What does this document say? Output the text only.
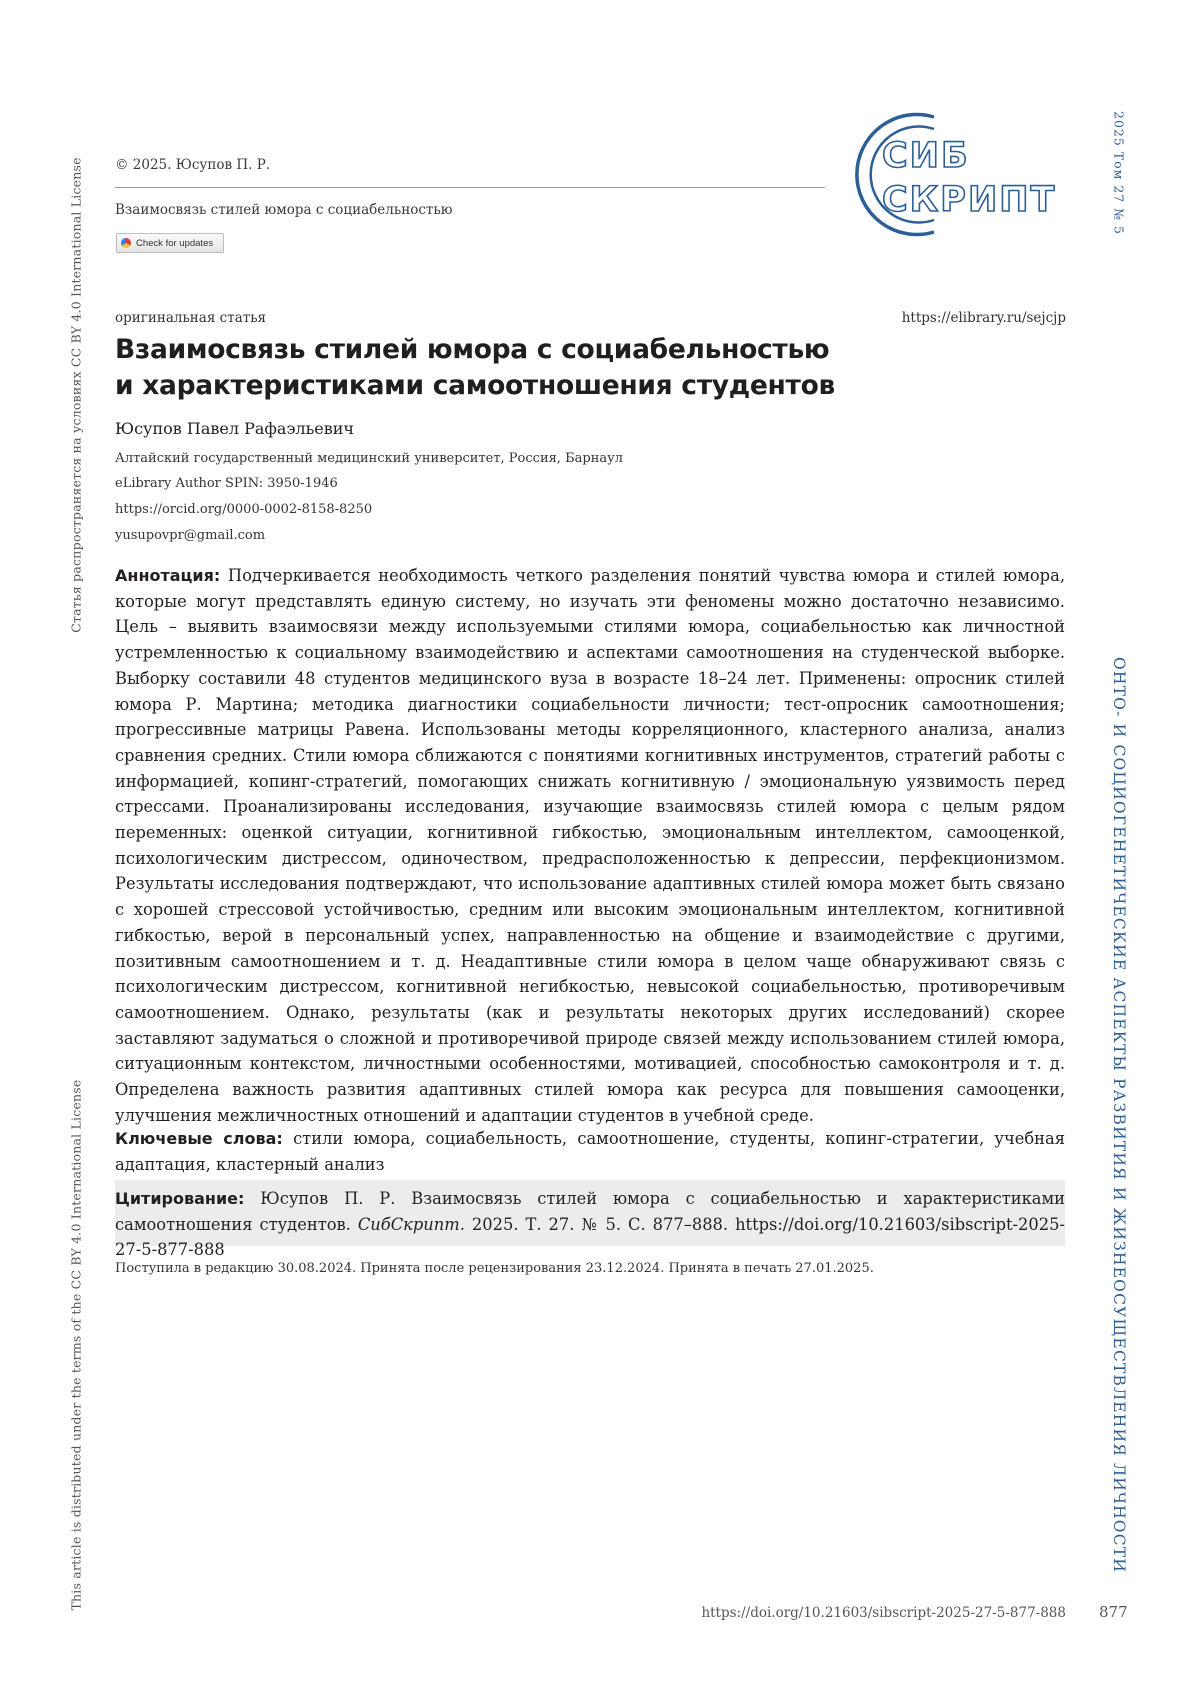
Статья распространяется на условиях CC BY 4.0 International License
This article is distributed under the terms of the CC BY 4.0 International License
2025 Том 27 № 5
ОНТО- И СОЦИОГЕНЕТИЧЕСКИЕ АСПЕКТЫ РАЗВИТИЯ И ЖИЗНЕОСУЩЕСТВЛЕНИЯ ЛИЧНОСТИ
© 2025. Юсупов П. Р.
Взаимосвязь стилей юмора с социабельностью
Check for updates
СИБ
СКРИПТ
оригинальная статья	https://elibrary.ru/sejcjp
Взаимосвязь стилей юмора с социабельностью
и характеристиками самоотношения студентов
Юсупов Павел Рафаэльевич
Алтайский государственный медицинский университет, Россия, Барнаул
eLibrary Author SPIN: 3950-1946
https://orcid.org/0000-0002-8158-8250
yusupovpr@gmail.com
Аннотация: Подчеркивается необходимость четкого разделения понятий чувства юмора и стилей юмора, которые могут представлять единую систему, но изучать эти феномены можно достаточно независимо. Цель – выявить взаимосвязи между используемыми стилями юмора, социабельностью как личностной устремленностью к социальному взаимодействию и аспектами самоотношения на студенческой выборке. Выборку составили 48 студентов медицинского вуза в возрасте 18–24 лет. Применены: опросник стилей юмора Р. Мартина; методика диагностики социабельности личности; тест-опросник самоотношения; прогрессивные матрицы Равена. Использованы методы корреляционного, кластерного анализа, анализ сравнения средних. Стили юмора сближаются с понятиями когнитивных инструментов, стратегий работы с информацией, копинг-стратегий, помогающих снижать когнитивную / эмоциональную уязвимость перед стрессами. Проанализированы исследования, изучающие взаимосвязь стилей юмора с целым рядом переменных: оценкой ситуации, когнитивной гибкостью, эмоциональным интеллектом, самооценкой, психологическим дистрессом, одиночеством, предрасположенностью к депрессии, перфекционизмом. Результаты исследования подтверждают, что использование адаптивных стилей юмора может быть связано с хорошей стрессовой устойчивостью, средним или высоким эмоциональным интеллектом, когнитивной гибкостью, верой в персональный успех, направленностью на общение и взаимодействие с другими, позитивным самоотношением и т. д. Неадаптивные стили юмора в целом чаще обнаруживают связь с психологическим дистрессом, когнитивной негибкостью, невысокой социабельностью, противоречивым самоотношением. Однако, результаты (как и результаты некоторых других исследований) скорее заставляют задуматься о сложной и противоречивой природе связей между использованием стилей юмора, ситуационным контекстом, личностными особенностями, мотивацией, способностью самоконтроля и т. д. Определена важность развития адаптивных стилей юмора как ресурса для повышения самооценки, улучшения межличностных отношений и адаптации студентов в учебной среде.
Ключевые слова: стили юмора, социабельность, самоотношение, студенты, копинг-стратегии, учебная адаптация, кластерный анализ
Цитирование: Юсупов П. Р. Взаимосвязь стилей юмора с социабельностью и характеристиками самоотношения студентов. СибСкрипт. 2025. Т. 27. № 5. С. 877–888. https://doi.org/10.21603/sibscript-2025-27-5-877-888
Поступила в редакцию 30.08.2024. Принята после рецензирования 23.12.2024. Принята в печать 27.01.2025.
https://doi.org/10.21603/sibscript-2025-27-5-877-888 877
